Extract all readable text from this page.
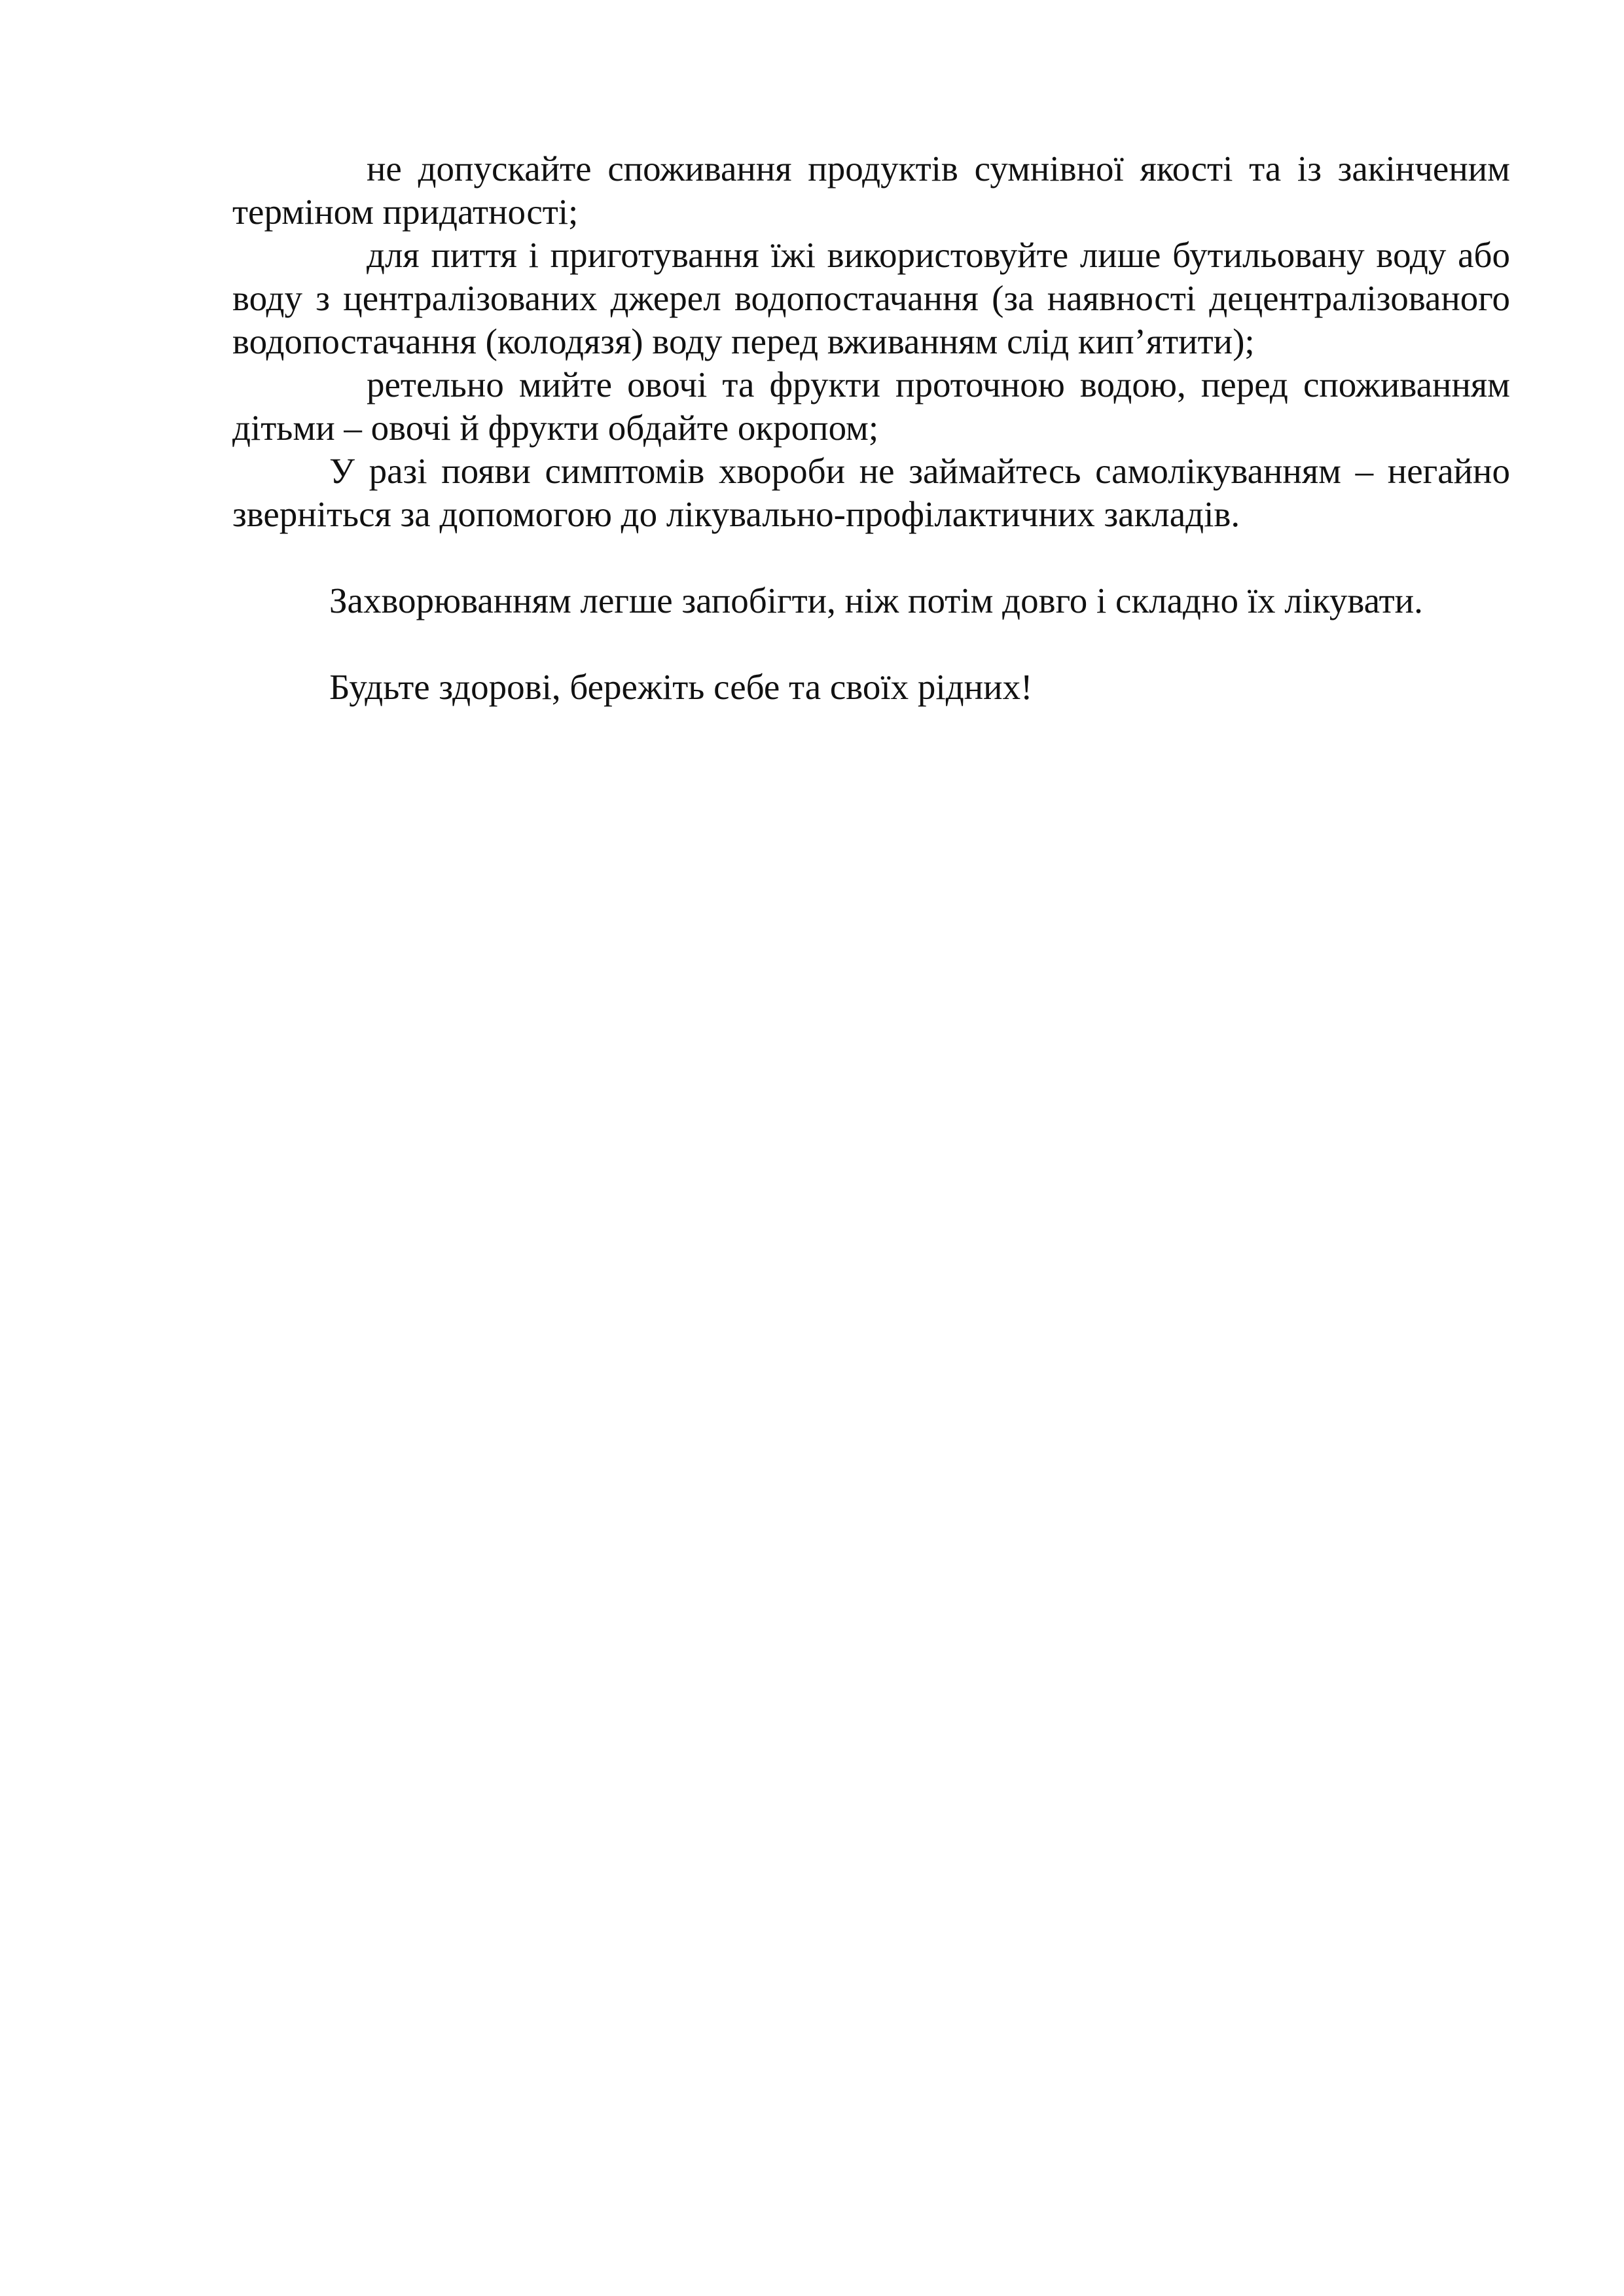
не допускайте споживання продуктів сумнівної якості та із закінченим терміном придатності;

для пиття і приготування їжі використовуйте лише бутильовану воду або воду з централізованих джерел водопостачання (за наявності децентралізованого водопостачання (колодязя) воду перед вживанням слід кип’ятити);

ретельно мийте овочі та фрукти проточною водою, перед споживанням дітьми – овочі й фрукти обдайте окропом;

У разі появи симптомів хвороби не займайтесь самолікуванням – негайно зверніться за допомогою до лікувально-профілактичних закладів.

Захворюванням легше запобігти, ніж потім довго і складно їх лікувати.

Будьте здорові, бережіть себе та своїх рідних!
